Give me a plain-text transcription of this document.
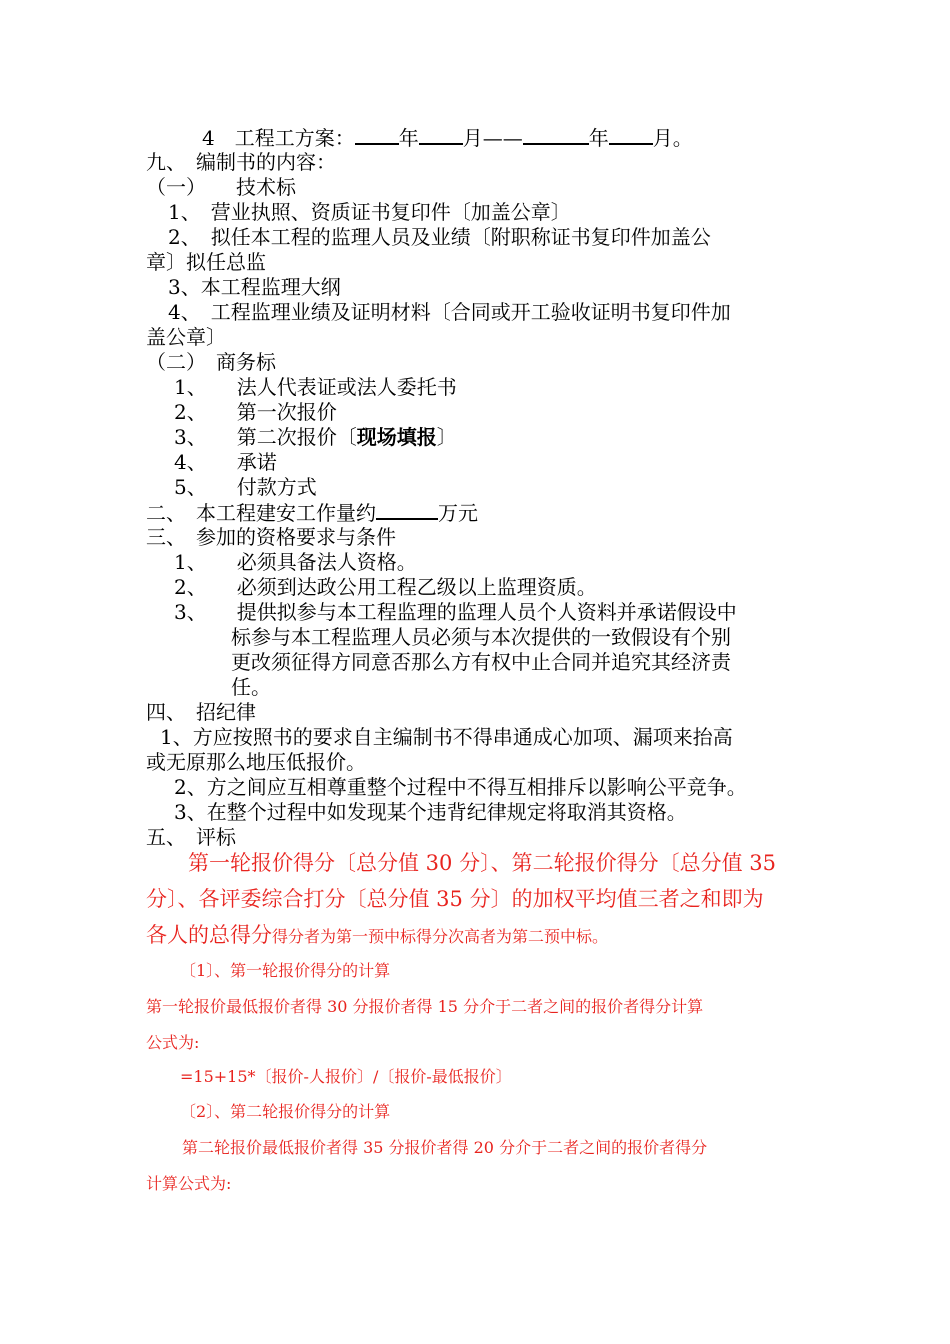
4　工程工方案： 年 月——	年 月。
九、　编制书的内容：
（一）　　技术标
1、　营业执照、资质证书复印件〔加盖公章〕
2、　拟任本工程的监理人员及业绩〔附职称证书复印件加盖公
章〕拟任总监
3、本工程监理大纲
4、　工程监理业绩及证明材料〔合同或开工验收证明书复印件加
盖公章〕
（二）　商务标
1、　　法人代表证或法人委托书
2、　　第一次报价
3、　　第二次报价〔现场填报〕
4、　　承诺
5、　　付款方式
二、　本工程建安工作量约	万元
三、　参加的资格要求与条件
1、　　必须具备法人资格。
2、　　必须到达政公用工程乙级以上监理资质。
3、　　提供拟参与本工程监理的监理人员个人资料并承诺假设中
标参与本工程监理人员必须与本次提供的一致假设有个别
更改须征得方同意否那么方有权中止合同并追究其经济责
任。
四、　招纪律
1、方应按照书的要求自主编制书不得串通成心加项、漏项来抬高
或无原那么地压低报价。
2、方之间应互相尊重整个过程中不得互相排斥以影响公平竞争。
3、在整个过程中如发现某个违背纪律规定将取消其资格。
五、　评标
第一轮报价得分〔总分值 30 分〕、第二轮报价得分〔总分值 35
分〕、各评委综合打分〔总分值 35 分〕的加权平均值三者之和即为
各人的总得分得分者为第一预中标得分次高者为第二预中标。
〔1〕、第一轮报价得分的计算
第一轮报价最低报价者得 30 分报价者得 15 分介于二者之间的报价者得分计算
公式为:
=15+15*〔报价-人报价〕/〔报价-最低报价〕
〔2〕、第二轮报价得分的计算
第二轮报价最低报价者得 35 分报价者得 20 分介于二者之间的报价者得分
计算公式为:
